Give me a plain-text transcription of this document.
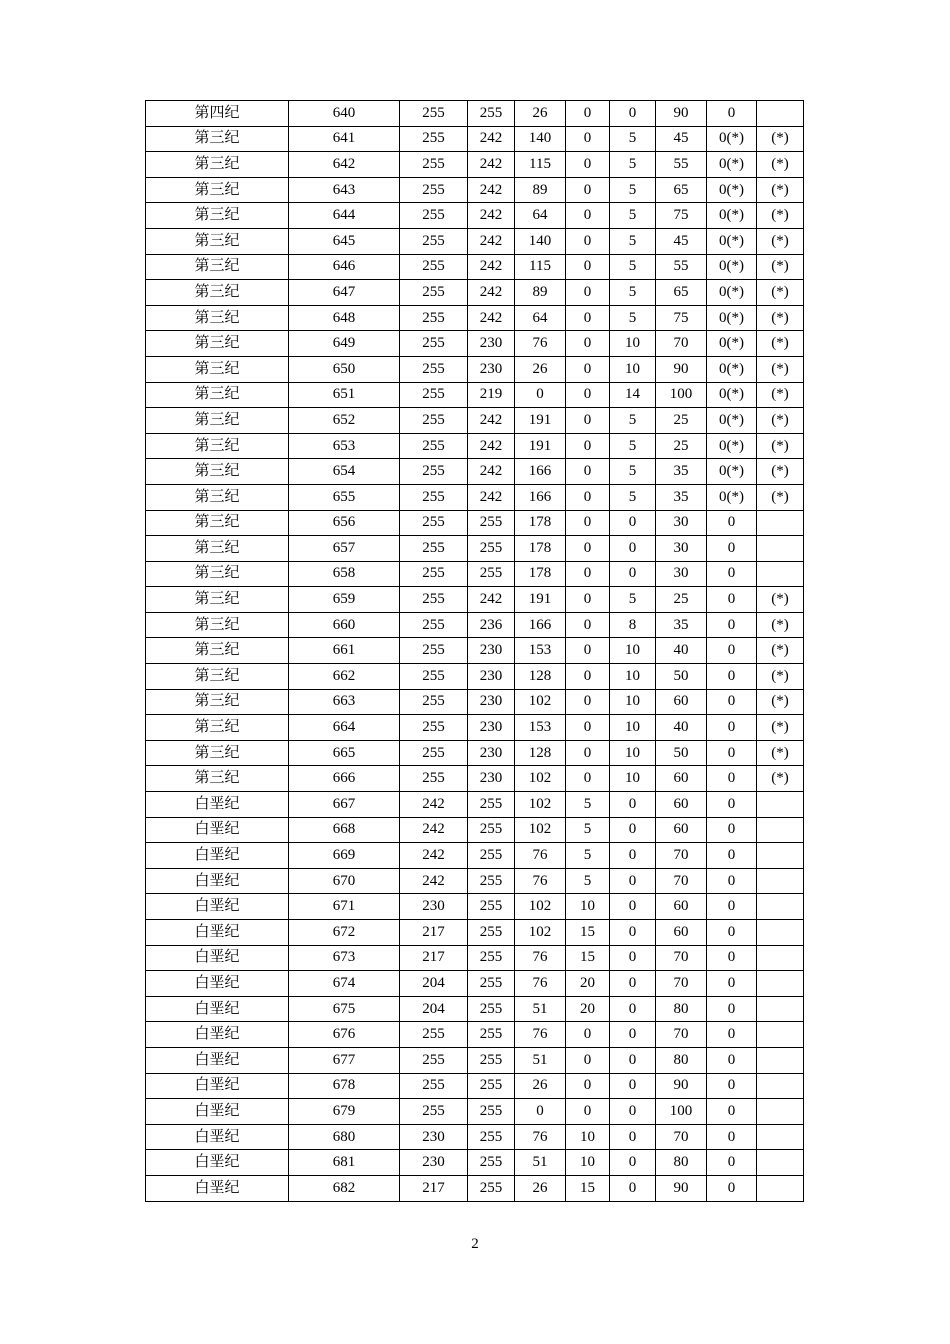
第四纪	640	255	255	26	0	0	90	0	
第三纪	641	255	242	140	0	5	45	0(*)	(*)
第三纪	642	255	242	115	0	5	55	0(*)	(*)
第三纪	643	255	242	89	0	5	65	0(*)	(*)
第三纪	644	255	242	64	0	5	75	0(*)	(*)
第三纪	645	255	242	140	0	5	45	0(*)	(*)
第三纪	646	255	242	115	0	5	55	0(*)	(*)
第三纪	647	255	242	89	0	5	65	0(*)	(*)
第三纪	648	255	242	64	0	5	75	0(*)	(*)
第三纪	649	255	230	76	0	10	70	0(*)	(*)
第三纪	650	255	230	26	0	10	90	0(*)	(*)
第三纪	651	255	219	0	0	14	100	0(*)	(*)
第三纪	652	255	242	191	0	5	25	0(*)	(*)
第三纪	653	255	242	191	0	5	25	0(*)	(*)
第三纪	654	255	242	166	0	5	35	0(*)	(*)
第三纪	655	255	242	166	0	5	35	0(*)	(*)
第三纪	656	255	255	178	0	0	30	0	
第三纪	657	255	255	178	0	0	30	0	
第三纪	658	255	255	178	0	0	30	0	
第三纪	659	255	242	191	0	5	25	0	(*)
第三纪	660	255	236	166	0	8	35	0	(*)
第三纪	661	255	230	153	0	10	40	0	(*)
第三纪	662	255	230	128	0	10	50	0	(*)
第三纪	663	255	230	102	0	10	60	0	(*)
第三纪	664	255	230	153	0	10	40	0	(*)
第三纪	665	255	230	128	0	10	50	0	(*)
第三纪	666	255	230	102	0	10	60	0	(*)
白垩纪	667	242	255	102	5	0	60	0	
白垩纪	668	242	255	102	5	0	60	0	
白垩纪	669	242	255	76	5	0	70	0	
白垩纪	670	242	255	76	5	0	70	0	
白垩纪	671	230	255	102	10	0	60	0	
白垩纪	672	217	255	102	15	0	60	0	
白垩纪	673	217	255	76	15	0	70	0	
白垩纪	674	204	255	76	20	0	70	0	
白垩纪	675	204	255	51	20	0	80	0	
白垩纪	676	255	255	76	0	0	70	0	
白垩纪	677	255	255	51	0	0	80	0	
白垩纪	678	255	255	26	0	0	90	0	
白垩纪	679	255	255	0	0	0	100	0	
白垩纪	680	230	255	76	10	0	70	0	
白垩纪	681	230	255	51	10	0	80	0	
白垩纪	682	217	255	26	15	0	90	0	
2
